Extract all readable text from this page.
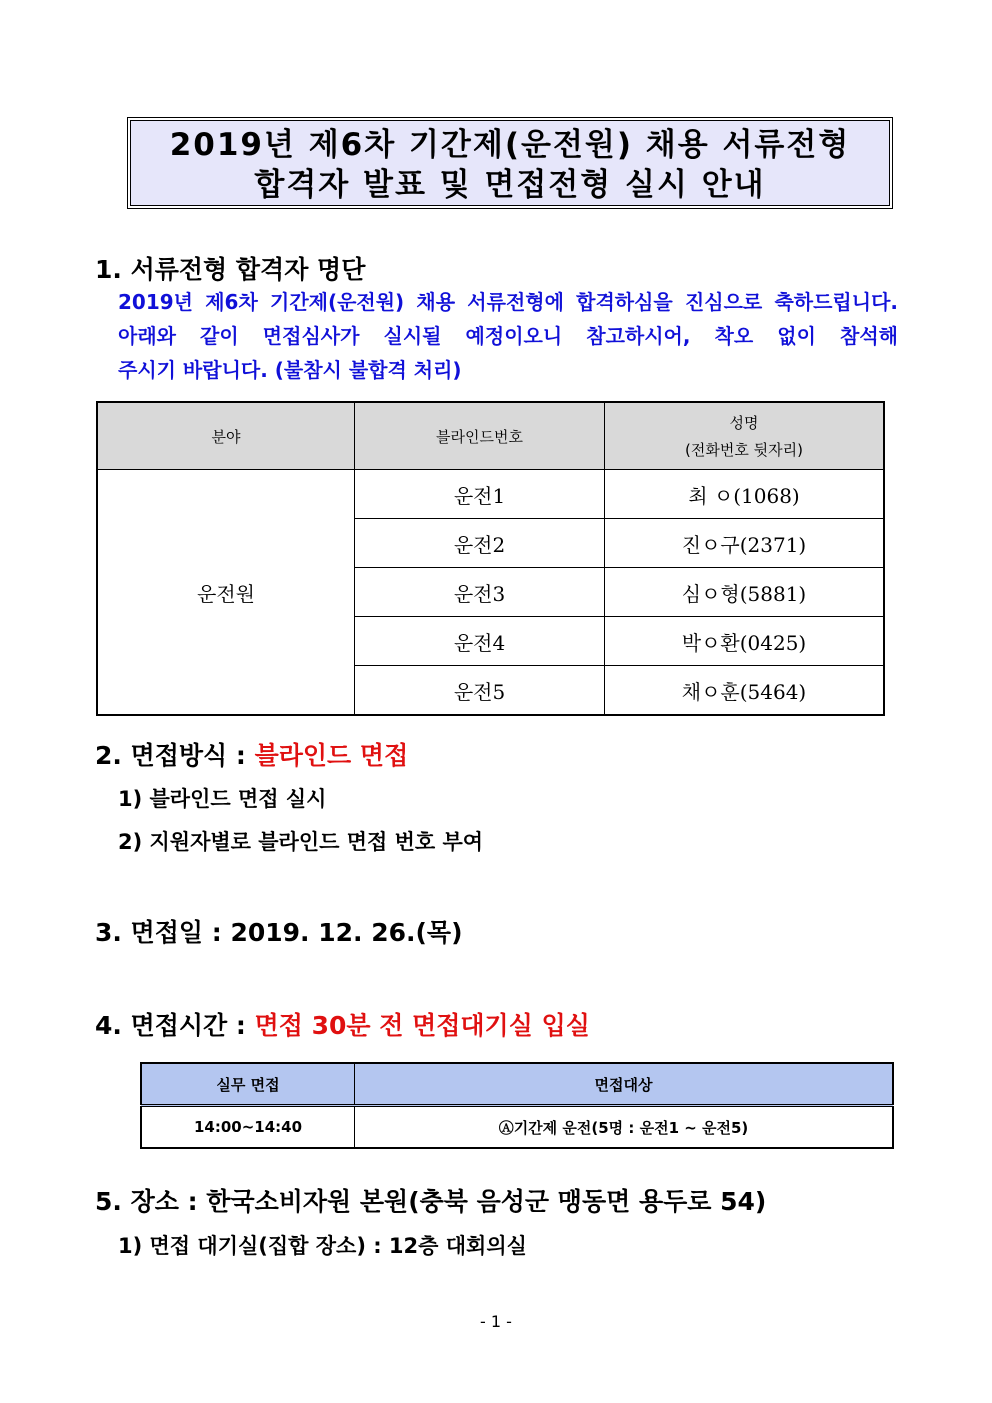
2019년 제6차 기간제(운전원) 채용 서류전형
합격자 발표 및 면접전형 실시 안내
1. 서류전형 합격자 명단
2019년 제6차 기간제(운전원) 채용 서류전형에 합격하심을 진심으로 축하드립니다.
아래와 같이 면접심사가 실시될 예정이오니 참고하시어, 착오 없이 참석해
주시기 바랍니다. (불참시 불합격 처리)
분야	블라인드번호	성명
(전화번호 뒷자리)

운전원	운전1	최 ㅇ(1068)
	운전2	진ㅇ구(2371)
	운전3	심ㅇ형(5881)
	운전4	박ㅇ환(0425)
	운전5	채ㅇ훈(5464)
2. 면접방식 : 블라인드 면접
1) 블라인드 면접 실시
2) 지원자별로 블라인드 면접 번호 부여
3. 면접일 : 2019. 12. 26.(목)
4. 면접시간 : 면접 30분 전 면접대기실 입실
실무 면접	면접대상
14:00~14:40	Ⓐ기간제 운전(5명 : 운전1 ~ 운전5)
5. 장소 : 한국소비자원 본원(충북 음성군 맹동면 용두로 54)
1) 면접 대기실(집합 장소) : 12층 대회의실
- 1 -
